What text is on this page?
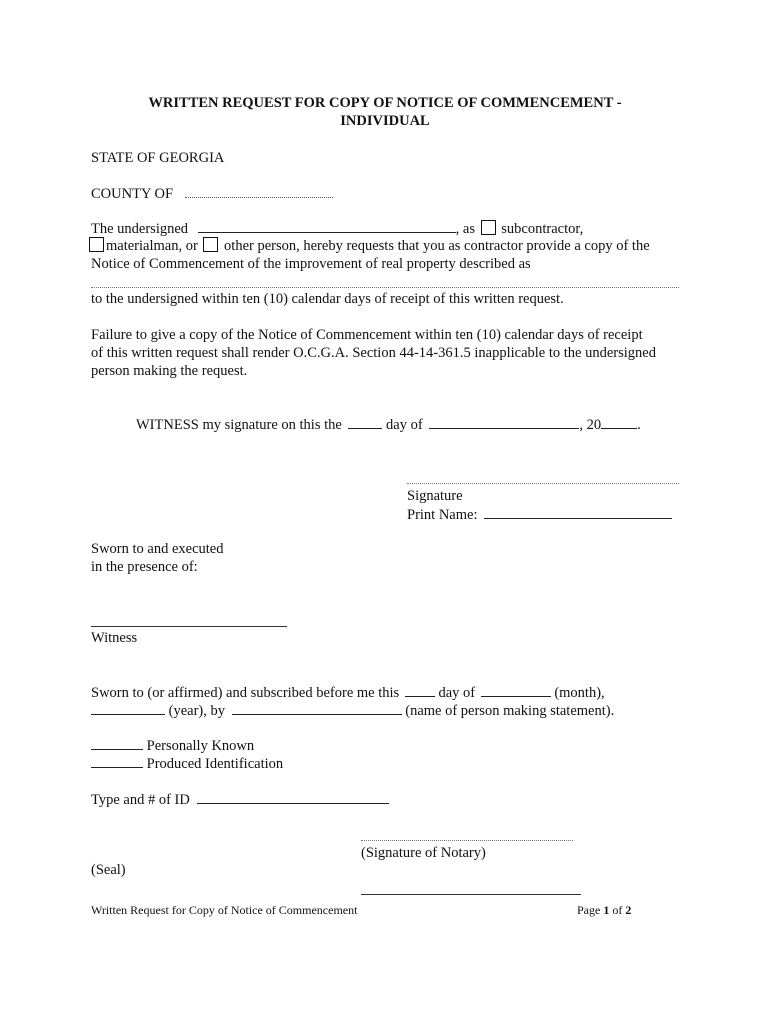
WRITTEN REQUEST FOR COPY OF NOTICE OF COMMENCEMENT -
INDIVIDUAL
STATE OF GEORGIA
COUNTY OF
The undersigned	, as subcontractor,
materialman, or other person, hereby requests that you as contractor provide a copy of the
Notice of Commencement of the improvement of real property described as
to the undersigned within ten (10) calendar days of receipt of this written request.
Failure to give a copy of the Notice of Commencement within ten (10) calendar days of receipt
of this written request shall render O.C.G.A. Section 44-14-361.5 inapplicable to the undersigned
person making the request.
WITNESS my signature on this the	day of	, 20 .
Signature
Print Name:
Sworn to and executed
in the presence of:
Witness
Sworn to (or affirmed) and subscribed before me this	day of	(month),
(year), by	(name of person making statement).
Personally Known
Produced Identification
Type and # of ID
(Signature of Notary)
(Seal)
Written Request for Copy of Notice of Commencement	Page 1 of 2
